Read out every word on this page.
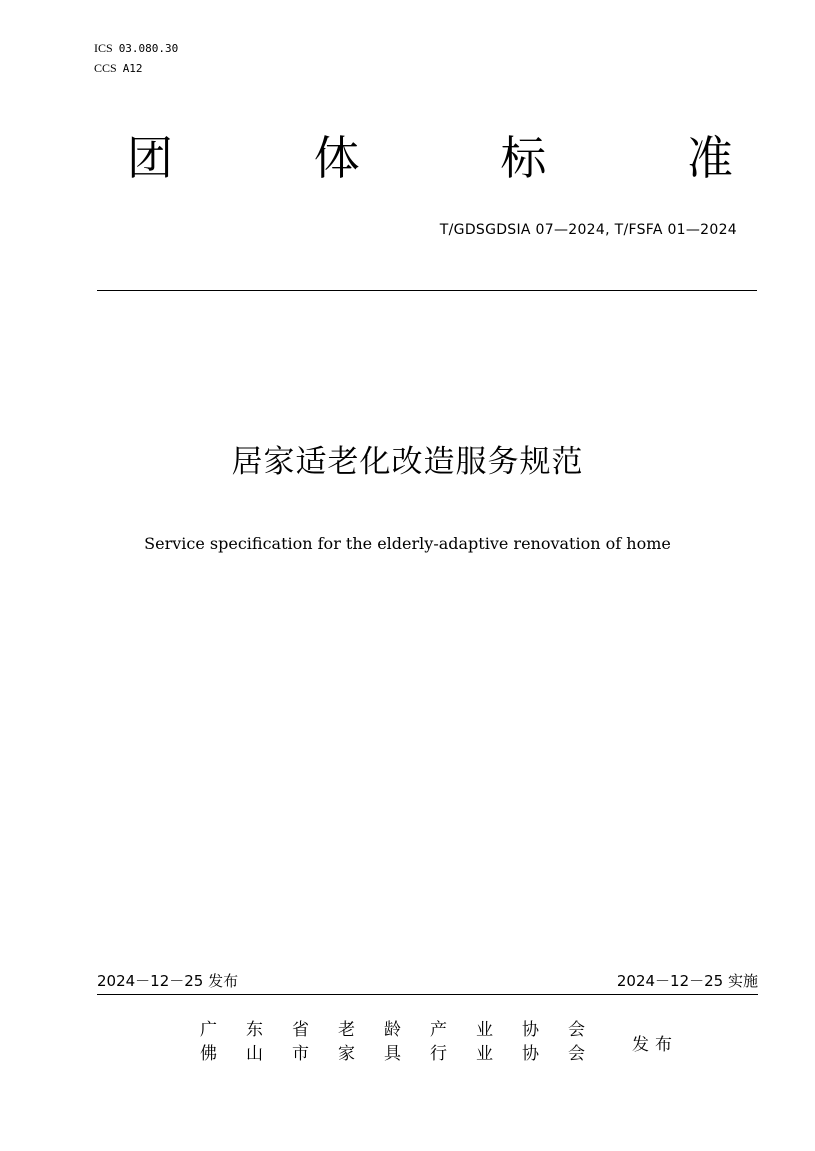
ICS 03.080.30
CCS A12
团	体	标	准
T/GDSGDSIA 07—2024, T/FSFA 01—2024
居家适老化改造服务规范
Service specification for the elderly-adaptive renovation of home
2024－12－25 发布	2024－12－25 实施
广	东	省	老	龄	产	业	协	会
佛	山	市	家	具	行	业	协	会	发布
